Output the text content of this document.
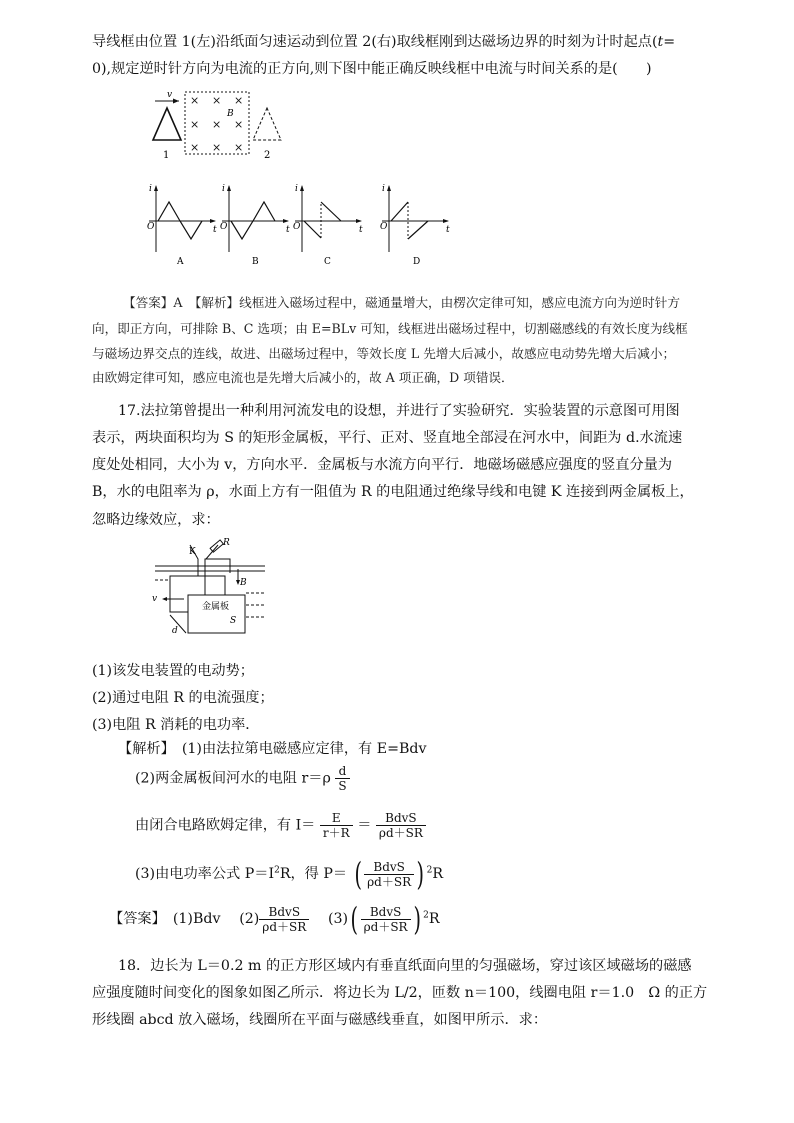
导线框由位置 1(左)沿纸面匀速运动到位置 2(右)取线框刚到达磁场边界的时刻为计时起点(t=
0),规定逆时针方向为电流的正方向,则下图中能正确反映线框中电流与时间关系的是(　　)
v
1
× × ×
× × ×
× × ×
B
2
i
O	t
A
i
O	t
B
i
O	t
C
i
O	t
D
【答案】A　【解析】线框进入磁场过程中，磁通量增大，由楞次定律可知，感应电流方向为逆时针方
向，即正方向，可排除 B、C 选项；由 E=BLv 可知，线框进出磁场过程中，切割磁感线的有效长度为线框
与磁场边界交点的连线，故进、出磁场过程中，等效长度 L 先增大后减小，故感应电动势先增大后减小；
由欧姆定律可知，感应电流也是先增大后减小的，故 A 项正确，D 项错误．
17.法拉第曾提出一种利用河流发电的设想，并进行了实验研究．实验装置的示意图可用图
表示，两块面积均为 S 的矩形金属板，平行、正对、竖直地全部浸在河水中，间距为 d.水流速
度处处相同，大小为 v，方向水平．金属板与水流方向平行．地磁场磁感应强度的竖直分量为
B，水的电阻率为 ρ，水面上方有一阻值为 R 的电阻通过绝缘导线和电键 K 连接到两金属板上，
忽略边缘效应，求：
金属板
S
K
R
B
v
d
(1)该发电装置的电动势；
(2)通过电阻 R 的电流强度；
(3)电阻 R 消耗的电功率．
【解析】　 (1)由法拉第电磁感应定律，有 E=Bdv
(2)两金属板间河水的电阻 $r=\rho \frac{d}{S}$
由闭合电路欧姆定律，有 $I= \frac{E}{r+R} = \frac{\text{BdvS}}{\rho d+SR}$
(3)由电功率公式 $P=I^2R$，得 P＝ ( $\frac{\text{BdvS}}{\rho d+SR}$ ) $^2$R
【答案】　 (1)Bdv　 $(2) \frac{\text{BdvS}}{\rho d+SR}$
　 $(3)( \frac{\text{BdvS}}{\rho d+SR}$ ) $^2$R
18．边长为 L＝0.2 m 的正方形区域内有垂直纸面向里的匀强磁场，穿过该区域磁场的磁感
应强度随时间变化的图象如图乙所示．将边长为 L/2，匝数 n＝100，线圈电阻 r＝1.0　Ω 的正方
形线圈 abcd 放入磁场，线圈所在平面与磁感线垂直，如图甲所示．求：
